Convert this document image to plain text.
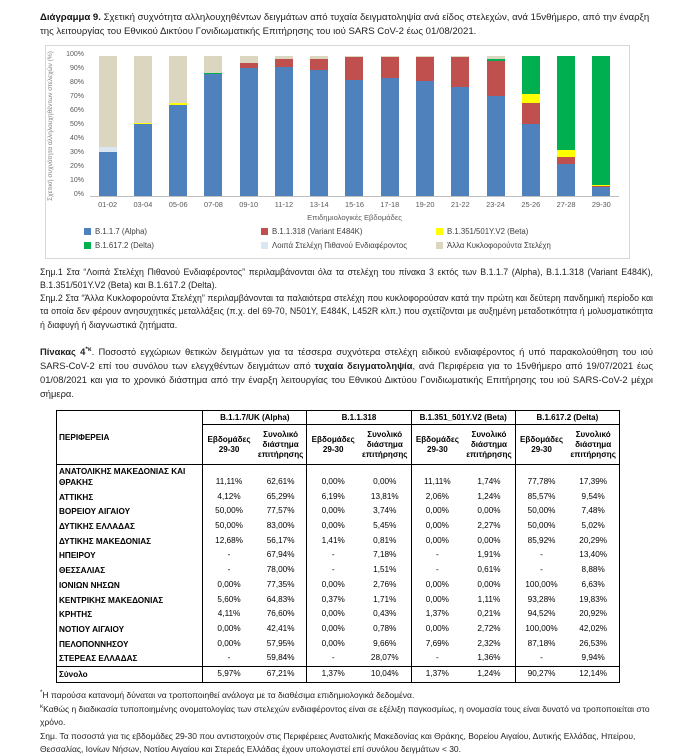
Διάγραμμα 9. Σχετική συχνότητα αλληλουχηθέντων δειγμάτων από τυχαία δειγματοληψία ανά είδος στελεχών, ανά 15νθήμερο, από την έναρξη της λειτουργίας του Εθνικού Δικτύου Γονιδιωματικής Επιτήρησης του ιού SARS CoV-2 έως 01/08/2021.

Σχετική συχνότητα αλληλουχηθέντων στελεχών (%)	0%
10%
20%
30%
40%
50%
60%
70%
80%
90%
100%
01-02	03-04	05-06	07-08	09-10	11-12	13-14	15-16	17-18	19-20	21-22	23-24	25-26	27-28	29-30
Επιδημιολογικές Εβδομάδες
B.1.1.7 (Alpha)	B.1.1.318 (Variant E484K)	B.1.351/501Y.V2 (Beta)
B.1.617.2 (Delta)	Λοιπά Στελέχη Πιθανού Ενδιαφέροντος	Άλλα Κυκλοφορούντα Στελέχη

Σημ.1 Στα “Λοιπά Στελέχη Πιθανού Ενδιαφέροντος” περιλαμβάνονται όλα τα στελέχη του πίνακα 3 εκτός των B.1.1.7 (Alpha), B.1.1.318 (Variant E484K), B.1.351/501Y.V2 (Beta) και B.1.617.2 (Delta).

Σημ.2 Στα “Άλλα Κυκλοφορούντα Στελέχη” περιλαμβάνονται τα παλαιότερα στελέχη που κυκλοφορούσαν κατά την πρώτη και δεύτερη πανδημική περίοδο και τα οποία δεν φέρουν ανησυχητικές μεταλλάξεις (π.χ. del 69-70, N501Y, E484K, L452R κλπ.) που σχετίζονται με αυξημένη μεταδοτικότητα ή μολυσματικότητα ή διαφυγή ή διαγνωστικά ζητήματα.

Πίνακας $4^{*\kappa}$. Ποσοστό εγχώριων θετικών δειγμάτων για τα τέσσερα συχνότερα στελέχη ειδικού ενδιαφέροντος ή υπό παρακολούθηση του ιού SARS-CoV-2 επί του συνόλου των ελεγχθέντων δειγμάτων από τυχαία δειγματοληψία, ανά Περιφέρεια για το 15νθήμερο από 19/07/2021 έως 01/08/2021 και για το χρονικό διάστημα από την έναρξη λειτουργίας του Εθνικού Δικτύου Γονιδιωματικής Επιτήρησης του ιού SARS-CoV-2 μέχρι σήμερα.

ΠΕΡΙΦΕΡΕΙΑ	B.1.1.7/UK (Alpha)		B.1.1.318		B.1.351_501Y.V2 (Beta)		B.1.617.2 (Delta)	
	Εβδομάδες 29-30	Συνολικό διάστημα επιτήρησης	Εβδομάδες 29-30	Συνολικό διάστημα επιτήρησης	Εβδομάδες 29-30	Συνολικό διάστημα επιτήρησης	Εβδομάδες 29-30	Συνολικό διάστημα επιτήρησης
ΑΝΑΤΟΛΙΚΗΣ ΜΑΚΕΔΟΝΙΑΣ ΚΑΙ ΘΡΑΚΗΣ	11,11%	62,61%	0,00%	0,00%	11,11%	1,74%	77,78%	17,39%
ΑΤΤΙΚΗΣ	4,12%	65,29%	6,19%	13,81%	2,06%	1,24%	85,57%	9,54%
ΒΟΡΕΙΟΥ ΑΙΓΑΙΟΥ	50,00%	77,57%	0,00%	3,74%	0,00%	0,00%	50,00%	7,48%
ΔΥΤΙΚΗΣ ΕΛΛΑΔΑΣ	50,00%	83,00%	0,00%	5,45%	0,00%	2,27%	50,00%	5,02%
ΔΥΤΙΚΗΣ ΜΑΚΕΔΟΝΙΑΣ	12,68%	56,17%	1,41%	0,81%	0,00%	0,00%	85,92%	20,29%
ΗΠΕΙΡΟΥ	-	67,94%	-	7,18%	-	1,91%	-	13,40%
ΘΕΣΣΑΛΙΑΣ	-	78,00%	-	1,51%	-	0,61%	-	8,88%
ΙΟΝΙΩΝ ΝΗΣΩΝ	0,00%	77,35%	0,00%	2,76%	0,00%	0,00%	100,00%	6,63%
ΚΕΝΤΡΙΚΗΣ ΜΑΚΕΔΟΝΙΑΣ	5,60%	64,83%	0,37%	1,71%	0,00%	1,11%	93,28%	19,83%
ΚΡΗΤΗΣ	4,11%	76,60%	0,00%	0,43%	1,37%	0,21%	94,52%	20,92%
ΝΟΤΙΟΥ ΑΙΓΑΙΟΥ	0,00%	42,41%	0,00%	0,78%	0,00%	2,72%	100,00%	42,02%
ΠΕΛΟΠΟΝΝΗΣΟΥ	0,00%	57,95%	0,00%	9,66%	7,69%	2,32%	87,18%	26,53%
ΣΤΕΡΕΑΣ ΕΛΛΑΔΑΣ	-	59,84%	-	28,07%	-	1,36%	-	9,94%
Σύνολο	5,97%	67,21%	1,37%	10,04%	1,37%	1,24%	90,27%	12,14%

*Η παρούσα κατανομή δύναται να τροποποιηθεί ανάλογα με τα διαθέσιμα επιδημιολογικά δεδομένα.

$^\kappa$Καθώς η διαδικασία τυποποιημένης ονοματολογίας των στελεχών ενδιαφέροντος είναι σε εξέλιξη παγκοσμίως, η ονομασία τους είναι δυνατό να τροποποιείται στο χρόνο.

Σημ. Τα ποσοστά για τις εβδομάδες 29-30 που αντιστοιχούν στις Περιφέρειες Ανατολικής Μακεδονίας και Θράκης, Βορείου Αιγαίου, Δυτικής Ελλάδας, Ηπείρου, Θεσσαλίας, Ιονίων Νήσων, Νοτίου Αιγαίου και Στερεάς Ελλάδας έχουν υπολογιστεί επί συνόλου δειγμάτων < 30.
